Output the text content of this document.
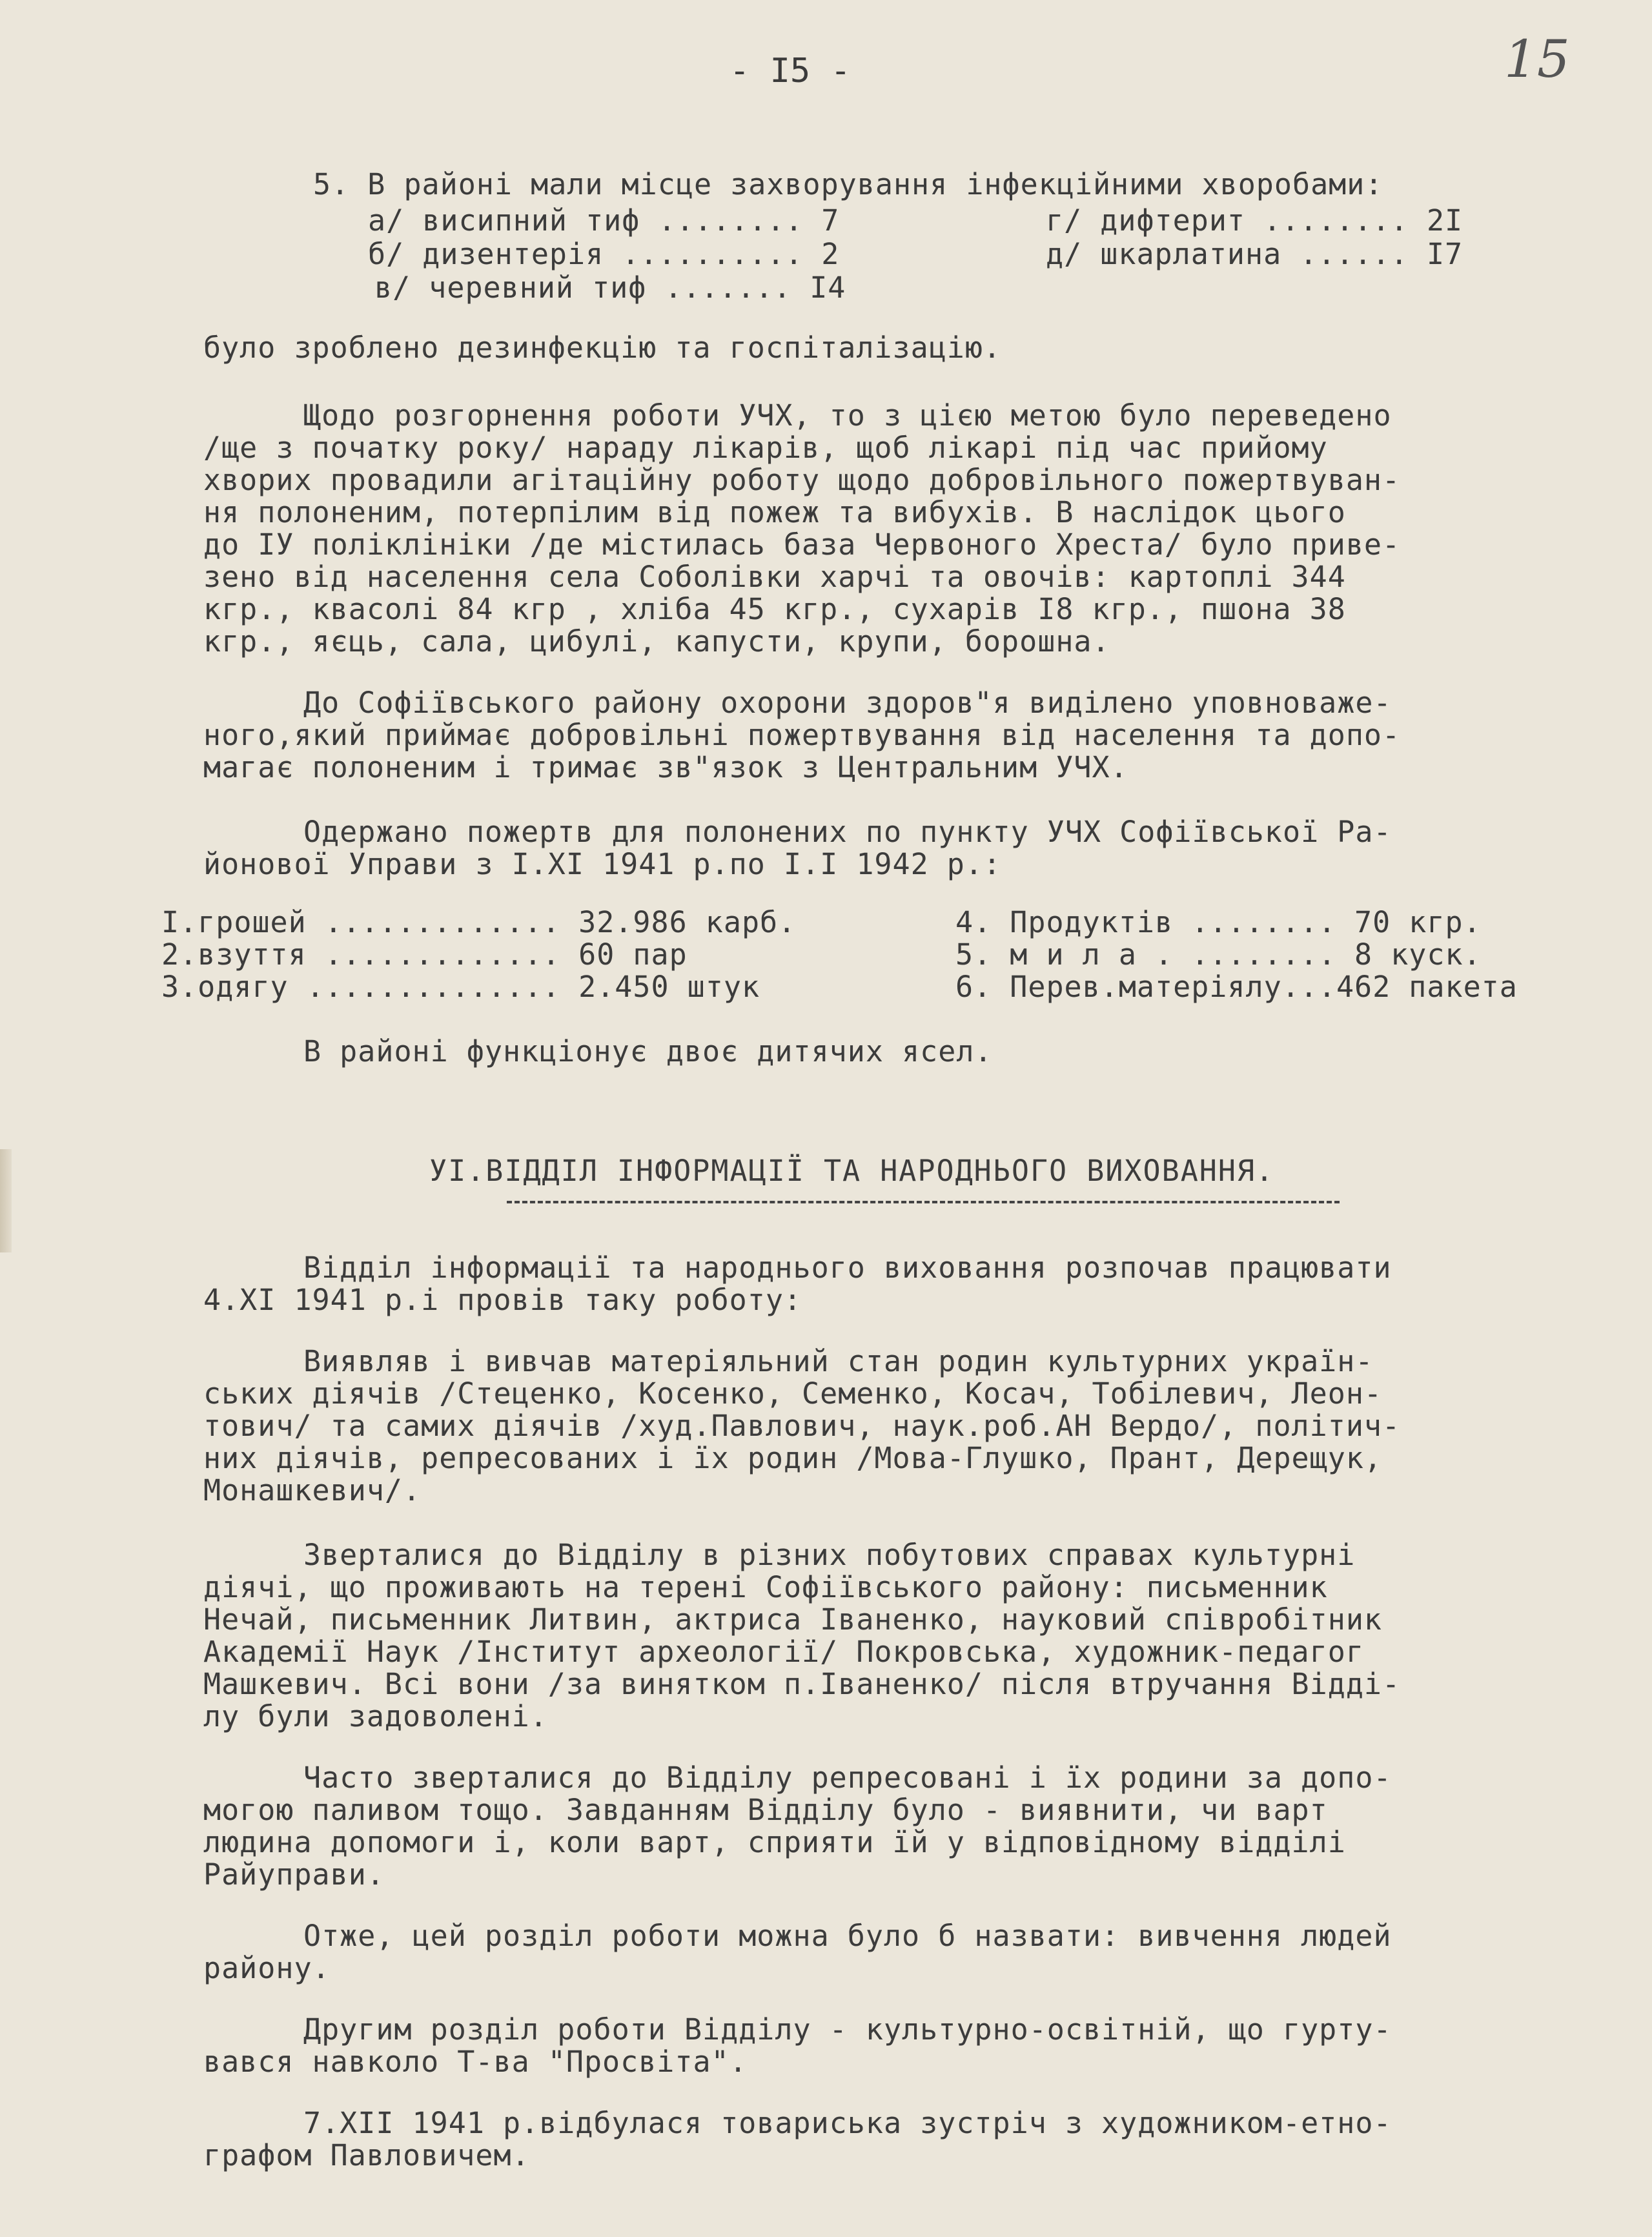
- I5 -	15
5. В районі мали місце захворування інфекційними хворобами:
а/ висипний тиф ........ 7	г/ дифтерит ........ 2I
б/ дизентерія .......... 2	д/ шкарлатина ...... I7
в/ черевний тиф ....... I4
було зроблено дезинфекцію та госпіталізацію.
Щодо розгорнення роботи УЧХ, то з цією метою було переведено
/ще з початку року/ нараду лікарів, щоб лікарі під час прийому
хворих провадили агітаційну роботу щодо добровільного пожертвуван-
ня полоненим, потерпілим від пожеж та вибухів. В наслідок цього
до IУ поліклініки /де містилась база Червоного Хреста/ було приве-
зено від населення села Соболівки харчі та овочів: картоплі 344
кгр., квасолі 84 кгр , хліба 45 кгр., сухарів I8 кгр., пшона 38
кгр., яєць, сала, цибулі, капусти, крупи, борошна.
До Софіївського району охорони здоров"я виділено уповноваже-
ного,який приймає добровільні пожертвування від населення та допо-
магає полоненим і тримає зв"язок з Центральним УЧХ.
Одержано пожертв для полонених по пункту УЧХ Софіївської Ра-
йонової Управи з I.XI 1941 р.по I.I 1942 р.:
I.грошей ............. 32.986 карб.	4. Продуктів ........ 70 кгр.
2.взуття ............. 60 пар	5. м и л а . ........ 8 куск.
3.одягу .............. 2.450 штук	6. Перев.матеріялу...462 пакета
В районі функціонує двоє дитячих ясел.
УI.ВІДДІЛ ІНФОРМАЦІЇ ТА НАРОДНЬОГО ВИХОВАННЯ.
Відділ інформації та народнього виховання розпочав працювати
4.XI 1941 р.і провів таку роботу:
Виявляв і вивчав матеріяльний стан родин культурних україн-
ських діячів /Стеценко, Косенко, Семенко, Косач, Тобілевич, Леон-
тович/ та самих діячів /худ.Павлович, наук.роб.АН Вердо/, політич-
них діячів, репресованих і їх родин /Мова-Глушко, Прант, Дерещук,
Монашкевич/.
Зверталися до Відділу в різних побутових справах культурні
діячі, що проживають на терені Софіївського району: письменник
Нечай, письменник Литвин, актриса Іваненко, науковий співробітник
Академії Наук /Інститут археології/ Покровська, художник-педагог
Машкевич. Всі вони /за винятком п.Іваненко/ після втручання Відді-
лу були задоволені.
Часто зверталися до Відділу репресовані і їх родини за допо-
могою паливом тощо. Завданням Відділу було - виявнити, чи варт
людина допомоги і, коли варт, сприяти їй у відповідному відділі
Райуправи.
Отже, цей розділ роботи можна було б назвати: вивчення людей
району.
Другим розділ роботи Відділу - культурно-освітній, що гурту-
вався навколо Т-ва "Просвіта".
7.XII 1941 р.відбулася товариська зустріч з художником-етно-
графом Павловичем.
